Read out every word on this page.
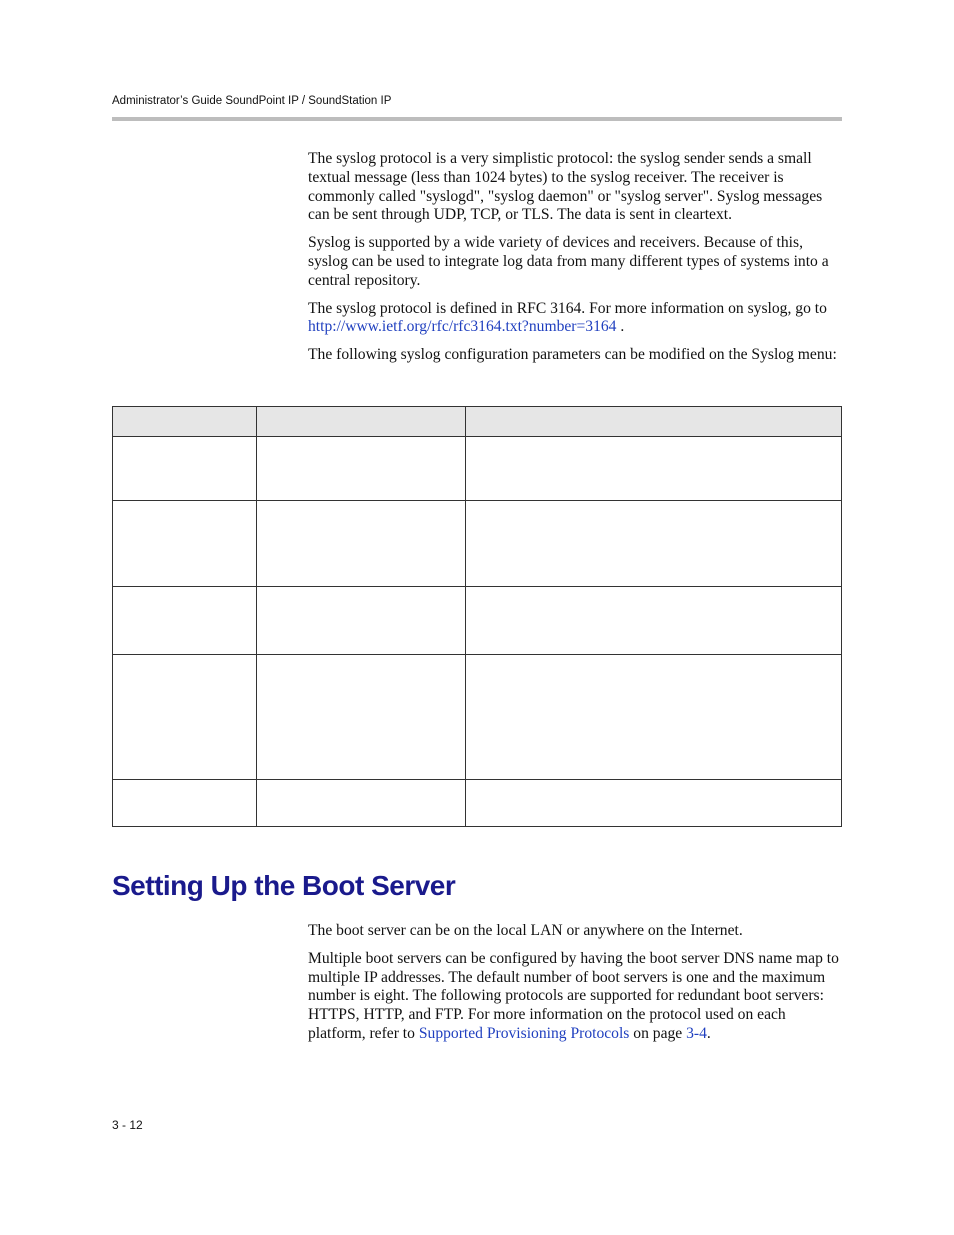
Administrator’s Guide SoundPoint IP / SoundStation IP

The syslog protocol is a very simplistic protocol: the syslog sender sends a small textual message (less than 1024 bytes) to the syslog receiver. The receiver is commonly called "syslogd", "syslog daemon" or "syslog server". Syslog messages can be sent through UDP, TCP, or TLS. The data is sent in cleartext.

Syslog is supported by a wide variety of devices and receivers. Because of this, syslog can be used to integrate log data from many different types of systems into a central repository.

The syslog protocol is defined in RFC 3164. For more information on syslog, go to http://www.ietf.org/rfc/rfc3164.txt?number=3164 .

The following syslog configuration parameters can be modified on the Syslog menu:

Setting Up the Boot Server

The boot server can be on the local LAN or anywhere on the Internet.

Multiple boot servers can be configured by having the boot server DNS name map to multiple IP addresses. The default number of boot servers is one and the maximum number is eight. The following protocols are supported for redundant boot servers: HTTPS, HTTP, and FTP. For more information on the protocol used on each platform, refer to Supported Provisioning Protocols on page 3-4.

3 - 12
